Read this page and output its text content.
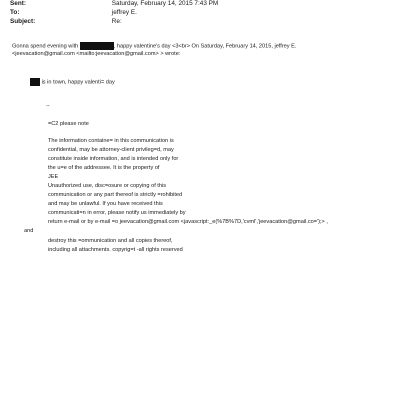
Sent:	Saturday, February 14, 2015 7:43 PM
To:	jeffrey E.
Subject:	Re:
Gonna spend evening with	, happy valentine's day <3<br> On Saturday, February 14, 2015, jeffrey E.
<jeevacation@gmail.com <mailto:jeevacation@gmail.com> > wrote:
is in town, happy valenti= day
--
=C2 please note
The information containe= in this communication is
confidential, may be attorney-client privileg=d, may
constitute inside information, and is intended only for
the u=e of the addressee. It is the property of
JEE
Unauthorized use, disc=osure or copying of this
communication or any part thereof is strictly =rohibited
and may be unlawful. If you have received this
communicati=n in error, please notify us immediately by
return e-mail or by e-mail =o jeevacation@gmail.com <javascript:_e(%7B%7D,'cvml','jeevacation@gmail.co=');> ,
and
destroy this =ommunication and all copies thereof,
including all attachments. copyrig=t -all rights reserved
